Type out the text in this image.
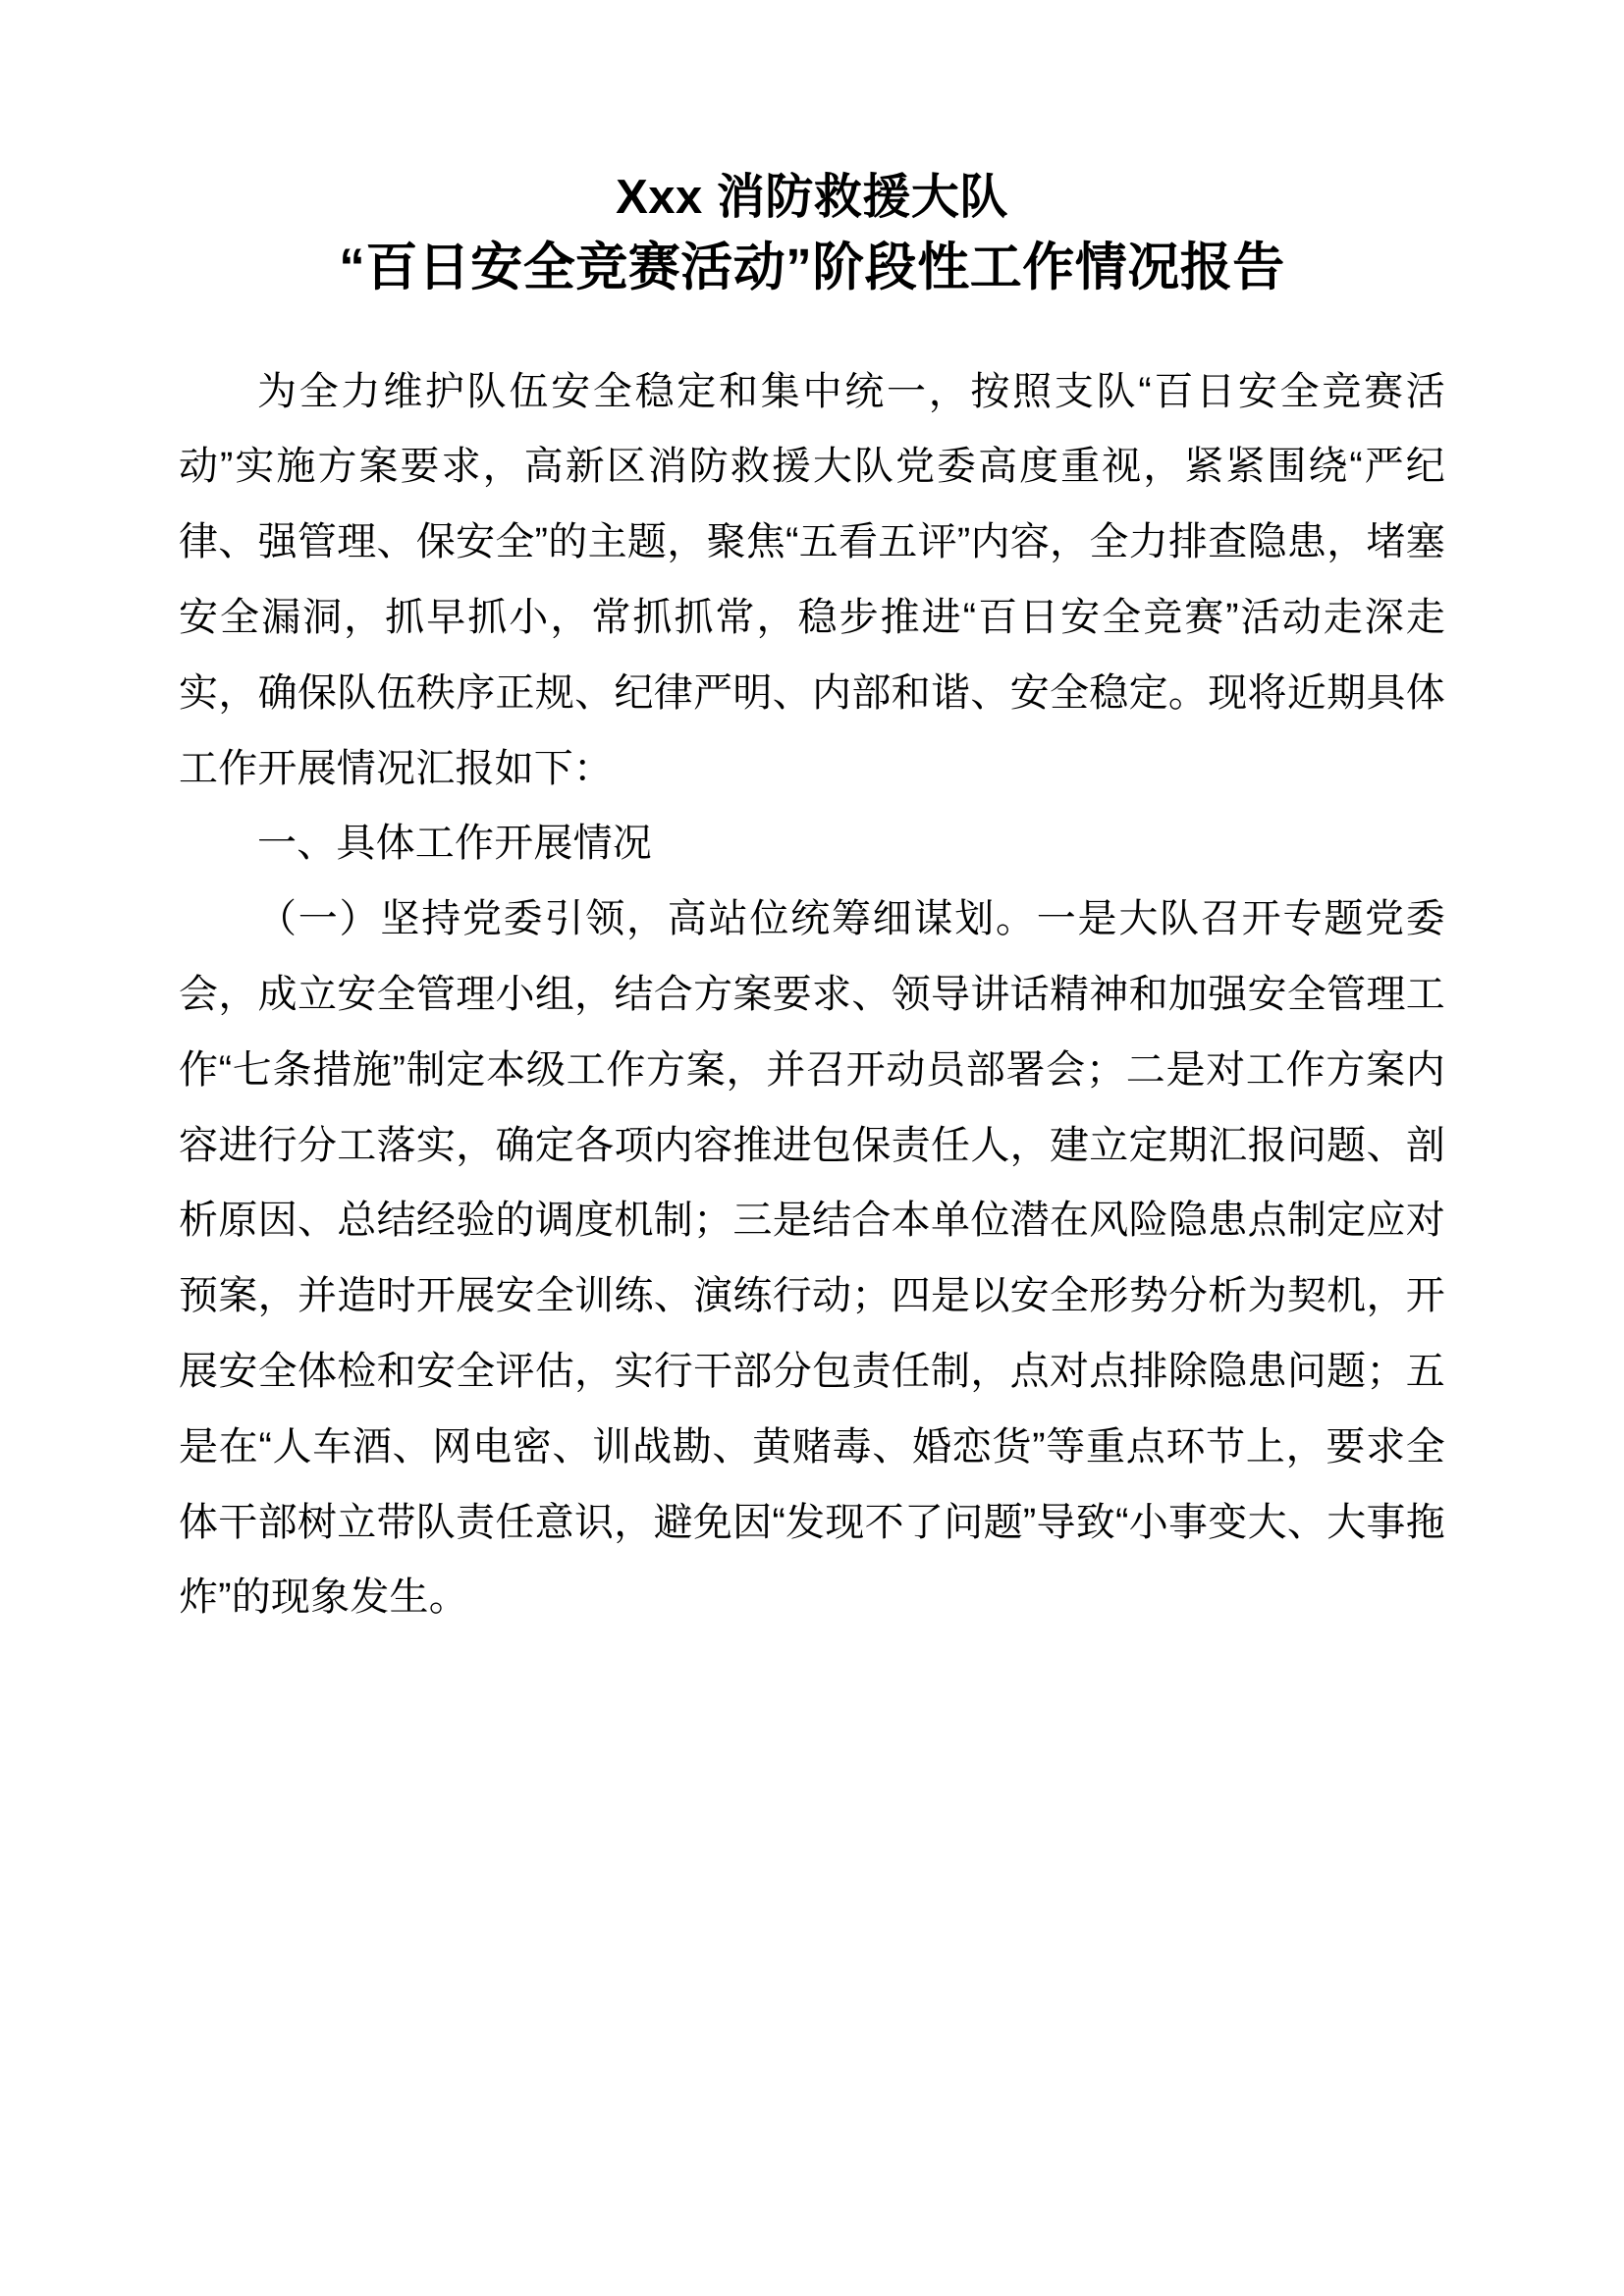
Xxx 消防救援大队
“百日安全竞赛活动”阶段性工作情况报告

为全力维护队伍安全稳定和集中统一，按照支队“百日安全竞赛活动”实施方案要求，高新区消防救援大队党委高度重视，紧紧围绕“严纪律、强管理、保安全”的主题，聚焦“五看五评”内容，全力排查隐患，堵塞安全漏洞，抓早抓小，常抓抓常，稳步推进“百日安全竞赛”活动走深走实，确保队伍秩序正规、纪律严明、内部和谐、安全稳定。现将近期具体工作开展情况汇报如下：

一、具体工作开展情况

（一）坚持党委引领，高站位统筹细谋划。一是大队召开专题党委会，成立安全管理小组，结合方案要求、领导讲话精神和加强安全管理工作“七条措施”制定本级工作方案，并召开动员部署会；二是对工作方案内容进行分工落实，确定各项内容推进包保责任人，建立定期汇报问题、剖析原因、总结经验的调度机制；三是结合本单位潜在风险隐患点制定应对预案，并造时开展安全训练、演练行动；四是以安全形势分析为契机，开展安全体检和安全评估，实行干部分包责任制，点对点排除隐患问题；五是在“人车酒、网电密、训战勘、黄赌毒、婚恋货”等重点环节上，要求全体干部树立带队责任意识，避免因“发现不了问题”导致“小事变大、大事拖炸”的现象发生。
